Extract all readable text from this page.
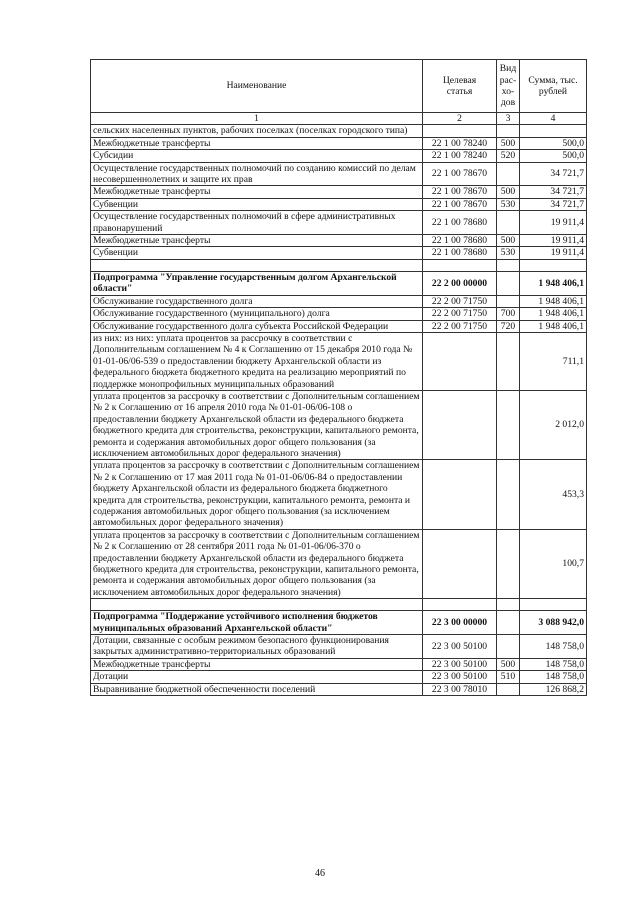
Наименование	Целевая статья	Вид рас-хо-дов	Сумма, тыс. рублей
1	2	3	4
сельских населенных пунктов, рабочих поселках (поселках городского типа)			
Межбюджетные трансферты	22 1 00 78240	500	500,0
Субсидии	22 1 00 78240	520	500,0
Осуществление государственных полномочий по созданию комиссий по делам несовершеннолетних и защите их прав	22 1 00 78670		34 721,7
Межбюджетные трансферты	22 1 00 78670	500	34 721,7
Субвенции	22 1 00 78670	530	34 721,7
Осуществление государственных полномочий в сфере административных правонарушений	22 1 00 78680		19 911,4
Межбюджетные трансферты	22 1 00 78680	500	19 911,4
Субвенции	22 1 00 78680	530	19 911,4

Подпрограмма "Управление государственным долгом Архангельской области"	22 2 00 00000		1 948 406,1
Обслуживание государственного долга	22 2 00 71750		1 948 406,1
Обслуживание государственного (муниципального) долга	22 2 00 71750	700	1 948 406,1
Обслуживание государственного долга субъекта Российской Федерации	22 2 00 71750	720	1 948 406,1
из них: из них: уплата процентов за рассрочку в соответствии с Дополнительным соглашением № 4 к Соглашению от 15 декабря 2010 года № 01-01-06/06-539 о предоставлении бюджету Архангельской области из федерального бюджета бюджетного кредита на реализацию мероприятий по поддержке монопрофильных муниципальных образований			711,1
уплата процентов за рассрочку в соответствии с Дополнительным соглашением № 2 к Соглашению от 16 апреля 2010 года № 01-01-06/06-108 о предоставлении бюджету Архангельской области из федерального бюджета бюджетного кредита для строительства, реконструкции, капитального ремонта, ремонта и содержания автомобильных дорог общего пользования (за исключением автомобильных дорог федерального значения)			2 012,0
уплата процентов за рассрочку в соответствии с Дополнительным соглашением № 2 к Соглашению от 17 мая 2011 года № 01-01-06/06-84 о предоставлении бюджету Архангельской области из федерального бюджета бюджетного кредита для строительства, реконструкции, капитального ремонта, ремонта и содержания автомобильных дорог общего пользования (за исключением автомобильных дорог федерального значения)			453,3
уплата процентов за рассрочку в соответствии с Дополнительным соглашением № 2 к Соглашению от 28 сентября 2011 года № 01-01-06/06-370 о предоставлении бюджету Архангельской области из федерального бюджета бюджетного кредита для строительства, реконструкции, капитального ремонта, ремонта и содержания автомобильных дорог общего пользования (за исключением автомобильных дорог федерального значения)			100,7

Подпрограмма "Поддержание устойчивого исполнения бюджетов муниципальных образований Архангельской области"	22 3 00 00000		3 088 942,0
Дотации, связанные с особым режимом безопасного функционирования закрытых административно-территориальных образований	22 3 00 50100		148 758,0
Межбюджетные трансферты	22 3 00 50100	500	148 758,0
Дотации	22 3 00 50100	510	148 758,0
Выравнивание бюджетной обеспеченности поселений	22 3 00 78010		126 868,2
46
